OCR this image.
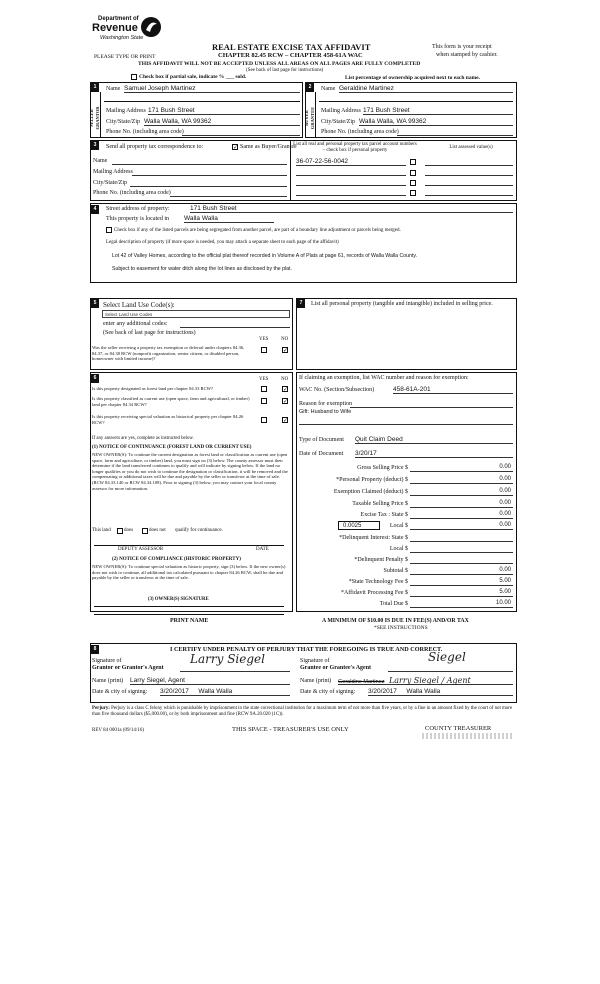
Department of
Revenue
Washington State
REAL ESTATE EXCISE TAX AFFIDAVIT
CHAPTER 82.45 RCW – CHAPTER 458-61A WAC
This form is your receipt
when stamped by cashier.
PLEASE TYPE OR PRINT
THIS AFFIDAVIT WILL NOT BE ACCEPTED UNLESS ALL AREAS ON ALL PAGES ARE FULLY COMPLETED
(See back of last page for instructions)
Check box if partial sale, indicate % ___ sold.	List percentage of ownership acquired next to each name.
1	2
SELLER GRANTOR	BUYER GRANTEE
Name Samuel Joseph Martinez
Mailing Address 171 Bush Street
City/State/Zip Walla Walla, WA 99362
Phone No. (including area code)
Name Geraldine Martinez
Mailing Address 171 Bush Street
City/State/Zip Walla Walla, WA 99362
Phone No. (including area code)
3	Send all property tax correspondence to:	✓ Same as Buyer/Grantee
Name
Mailing Address
City/State/Zip
Phone No. (including area code)
List all real and personal property tax parcel account numbers – check box if personal property
List assessed value(s)
36-07-22-56-0042
4	Street address of property:	171 Bush Street
This property is located in Walla Walla
Check box if any of the listed parcels are being segregated from another parcel, are part of a boundary line adjustment or parcels being merged.
Legal description of property (if more space is needed, you may attach a separate sheet to each page of the affidavit)
Lot 42 of Valley Homes, according to the official plat thereof recorded in Volume A of Plats at page 61, records of Walla Walla County.
Subject to easement for water ditch along the lot lines as disclosed by the plat.
5 Select Land Use Code(s):
Select Land Use Codes
enter any additional codes:
(See back of last page for instructions)
YES	NO
Was the seller receiving a property tax exemption or deferral under chapters 84.36, 84.37, or 84.38 RCW (nonprofit organization, senior citizen, or disabled person, homeowner with limited income)?
✓
7	List all personal property (tangible and intangible) included in selling price.
6	YES	NO
Is this property designated as forest land per chapter 84.33 RCW?	✓
Is this property classified as current use (open space, farm and agricultural, or timber) land per chapter 84.34 RCW?	✓
Is this property receiving special valuation as historical property per chapter 84.26 RCW?	✓
If any answers are yes, complete as instructed below.
(1) NOTICE OF CONTINUANCE (FOREST LAND OR CURRENT USE)
NEW OWNER(S): To continue the current designation as forest land or classification as current use (open space, farm and agriculture, or timber) land, you must sign on (3) below. The county assessor must then determine if the land transferred continues to qualify and will indicate by signing below. If the land no longer qualifies or you do not wish to continue the designation or classification, it will be removed and the compensating or additional taxes will be due and payable by the seller or transferor at the time of sale. (RCW 84.33.140 or RCW 84.34.108). Prior to signing (3) below, you may contact your local county assessor for more information.
This land	does	does not qualify for continuance.
DEPUTY ASSESSOR	DATE
(2) NOTICE OF COMPLIANCE (HISTORIC PROPERTY)
NEW OWNER(S): To continue special valuation as historic property, sign (3) below. If the new owner(s) does not wish to continue, all additional tax calculated pursuant to chapter 84.26 RCW, shall be due and payable by the seller or transferor at the time of sale.
(3) OWNER(S) SIGNATURE
PRINT NAME
If claiming an exemption, list WAC number and reason for exemption:
WAC No. (Section/Subsection)	458-61A-201
Reason for exemption
Gift: Husband to Wife
Type of Document Quit Claim Deed
Date of Document 3/20/17
Gross Selling Price $	0.00
*Personal Property (deduct) $	0.00
Exemption Claimed (deduct) $	0.00
Taxable Selling Price $	0.00
Excise Tax : State $	0.00
0.0025	Local $	0.00
*Delinquent Interest: State $
Local $
*Delinquent Penalty $
Subtotal $	0.00
*State Technology Fee $	5.00
*Affidavit Processing Fee $	5.00
Total Due $	10.00
A MINIMUM OF $10.00 IS DUE IN FEE(S) AND/OR TAX
*SEE INSTRUCTIONS
8	I CERTIFY UNDER PENALTY OF PERJURY THAT THE FOREGOING IS TRUE AND CORRECT.
Signature of
Grantor or Grantor's Agent
Larry Siegel
Name (print) Larry Siegel, Agent
Date & city of signing: 3/20/2017 Walla Walla
Signature of
Grantee or Grantee's Agent
Siegel
Name (print) Geraldine Martinez Larry Siegel / Agent
Date & city of signing: 3/20/2017 Walla Walla
Perjury: Perjury is a class C felony which is punishable by imprisonment in the state correctional institution for a maximum term of not more than five years, or by a fine in an amount fixed by the court of not more than five thousand dollars ($5,000.00), or by both imprisonment and fine (RCW 9A.20.020 (1C)).
REV 84 0001a (09/14/16)	THIS SPACE - TREASURER'S USE ONLY	COUNTY TREASURER
